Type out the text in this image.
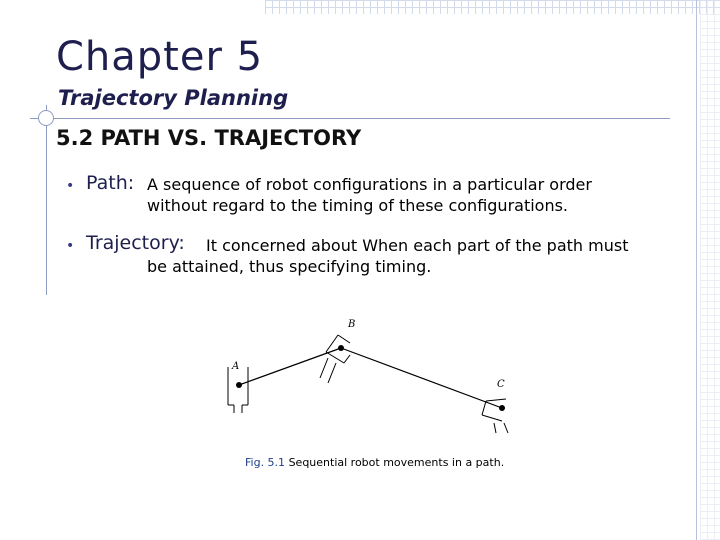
Chapter 5
Trajectory Planning
5.2 PATH VS. TRAJECTORY
• Path: A sequence of robot configurations in a particular order
without regard to the timing of these configurations.
• Trajectory: It concerned about When each part of the path must
be attained, thus specifying timing.
A
B
C
Fig. 5.1 Sequential robot movements in a path.
